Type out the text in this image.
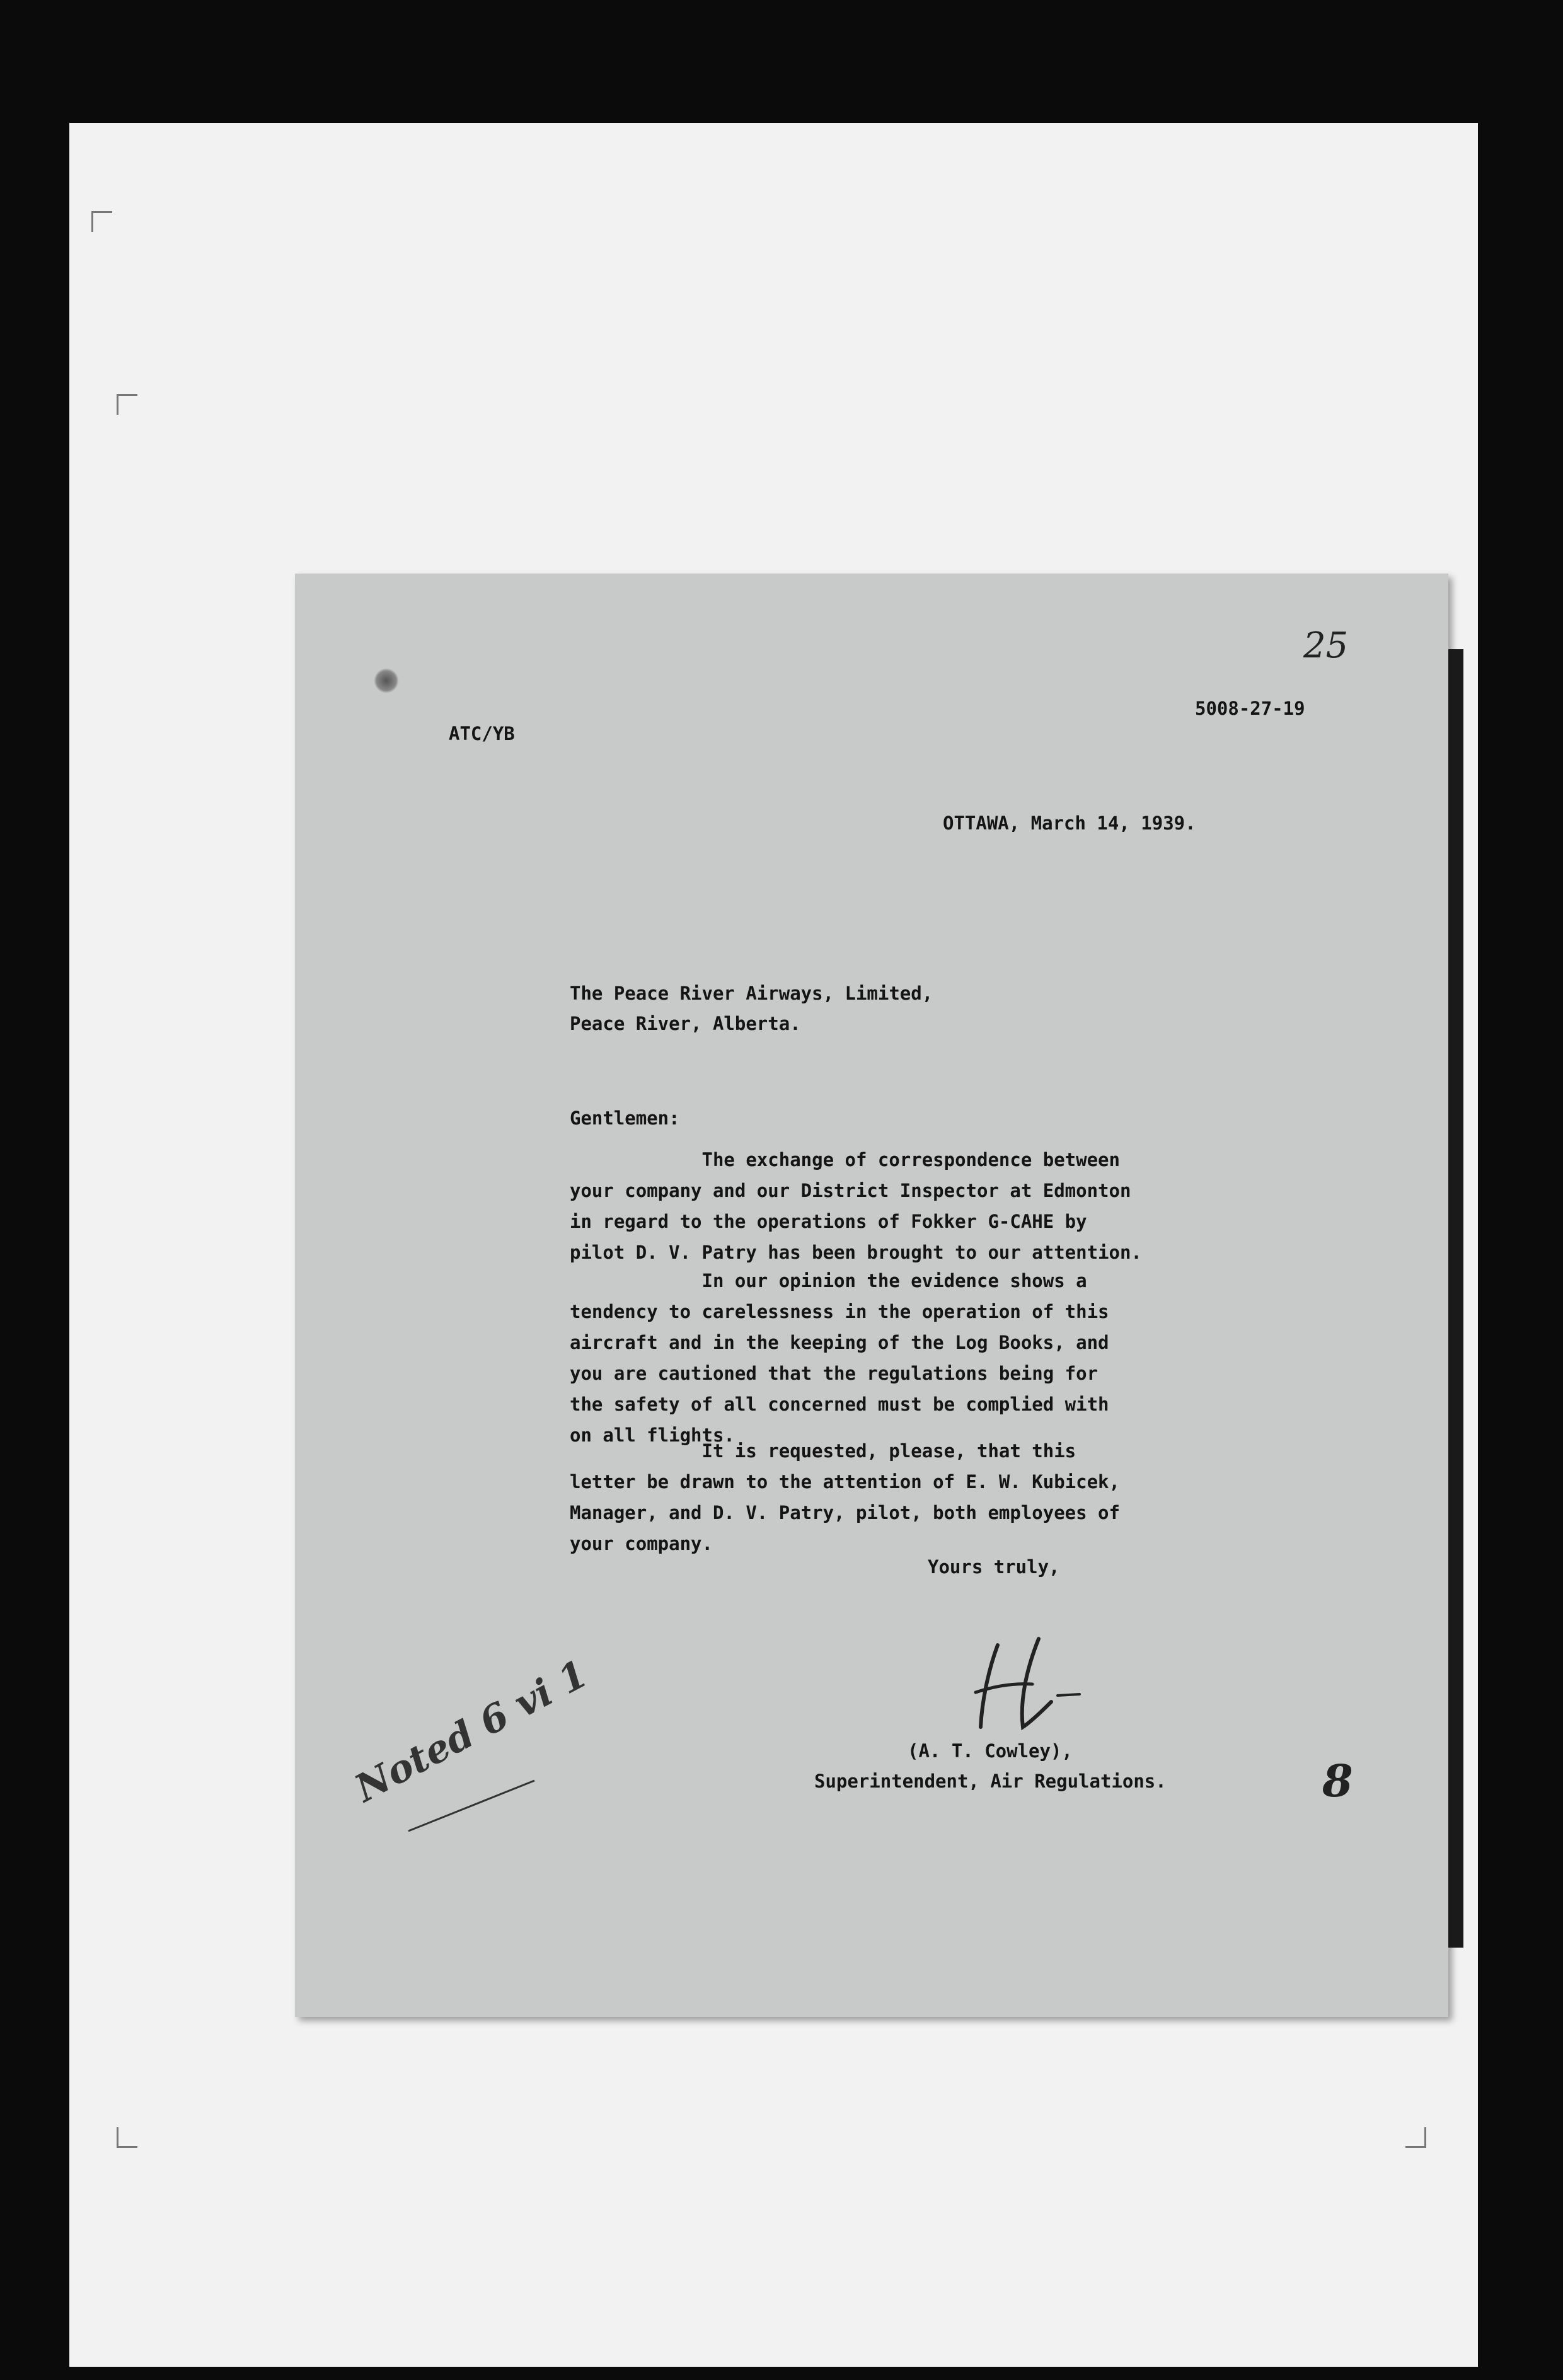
25
5008-27-19
ATC/YB
OTTAWA, March 14, 1939.
The Peace River Airways, Limited,
Peace River, Alberta.
Gentlemen:
The exchange of correspondence between
your company and our District Inspector at Edmonton
in regard to the operations of Fokker G-CAHE by
pilot D. V. Patry has been brought to our attention.
In our opinion the evidence shows a
tendency to carelessness in the operation of this
aircraft and in the keeping of the Log Books, and
you are cautioned that the regulations being for
the safety of all concerned must be complied with
on all flights.
It is requested, please, that this
letter be drawn to the attention of E. W. Kubicek,
Manager, and D. V. Patry, pilot, both employees of
your company.
Yours truly,
(A. T. Cowley),
Superintendent, Air Regulations.
Noted 6 vi 1	8
